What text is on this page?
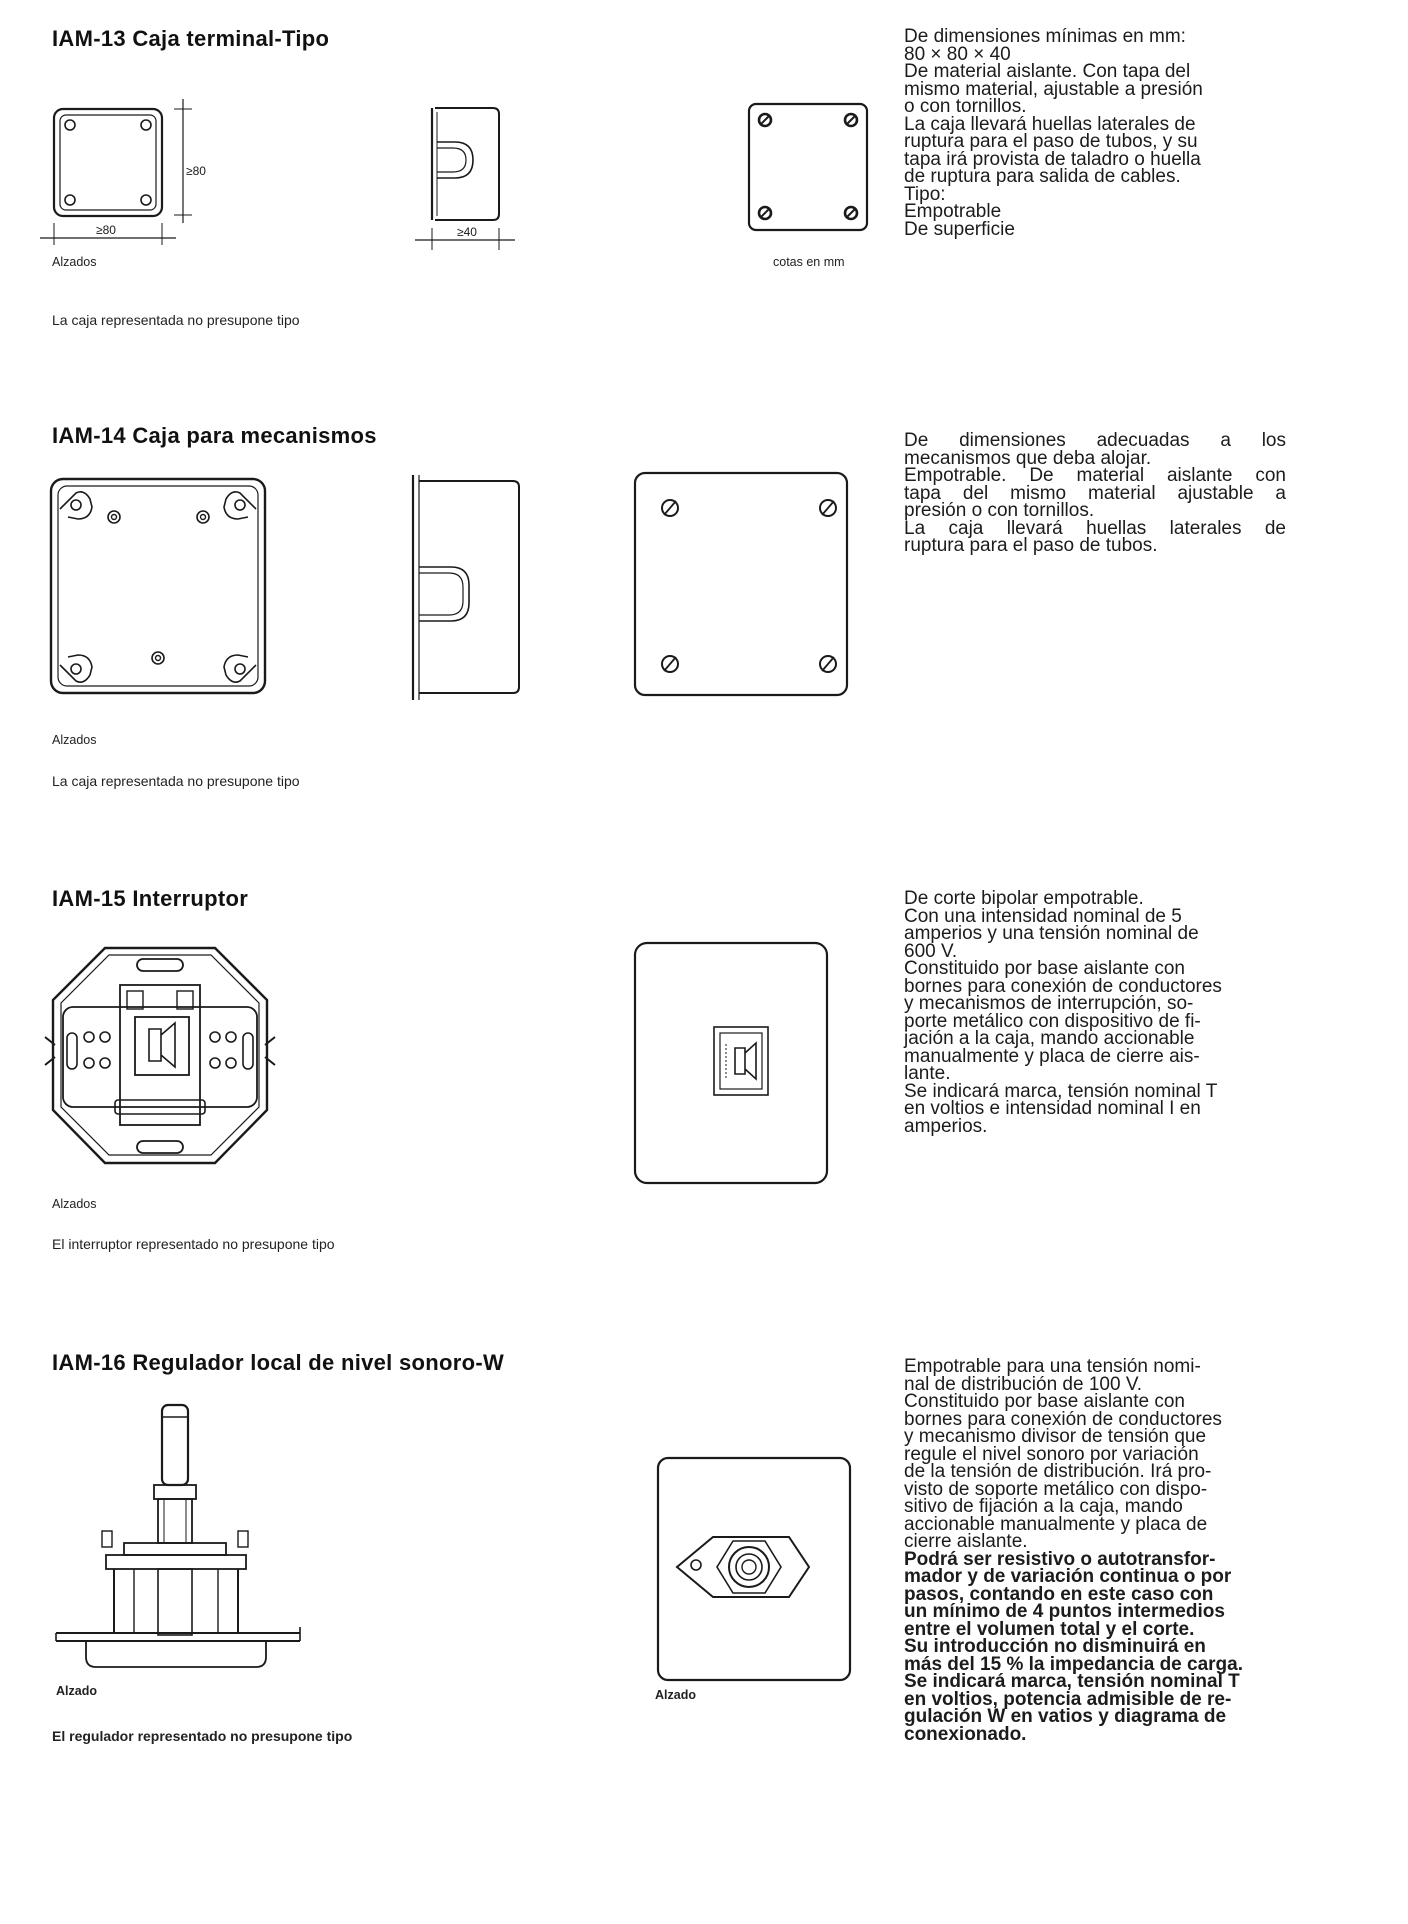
IAM-13 Caja terminal-Tipo
≥80
≥80	≥40
Alzados	cotas en mm
La caja representada no presupone tipo
De dimensiones mínimas en mm:
80 × 80 × 40
De material aislante. Con tapa del
mismo material, ajustable a presión
o con tornillos.
La caja llevará huellas laterales de
ruptura para el paso de tubos, y su
tapa irá provista de taladro o huella
de ruptura para salida de cables.
Tipo:
Empotrable
De superficie
IAM-14 Caja para mecanismos
Alzados
La caja representada no presupone tipo
De dimensiones adecuadas a los
mecanismos que deba alojar.
Empotrable. De material aislante con
tapa del mismo material ajustable a
presión o con tornillos.
La caja llevará huellas laterales de
ruptura para el paso de tubos.
IAM-15 Interruptor
Alzados
El interruptor representado no presupone tipo
De corte bipolar empotrable.
Con una intensidad nominal de 5
amperios y una tensión nominal de
600 V.
Constituido por base aislante con
bornes para conexión de conductores
y mecanismos de interrupción, so-
porte metálico con dispositivo de fi-
jación a la caja, mando accionable
manualmente y placa de cierre ais-
lante.
Se indicará marca, tensión nominal T
en voltios e intensidad nominal I en
amperios.
IAM-16 Regulador local de nivel sonoro-W
Alzado	Alzado
El regulador representado no presupone tipo
Empotrable para una tensión nomi-
nal de distribución de 100 V.
Constituido por base aislante con
bornes para conexión de conductores
y mecanismo divisor de tensión que
regule el nivel sonoro por variación
de la tensión de distribución. Irá pro-
visto de soporte metálico con dispo-
sitivo de fijación a la caja, mando
accionable manualmente y placa de
cierre aislante.
Podrá ser resistivo o autotransfor-
mador y de variación continua o por
pasos, contando en este caso con
un mínimo de 4 puntos intermedios
entre el volumen total y el corte.
Su introducción no disminuirá en
más del 15 % la impedancia de carga.
Se indicará marca, tensión nominal T
en voltios, potencia admisible de re-
gulación W en vatios y diagrama de
conexionado.
